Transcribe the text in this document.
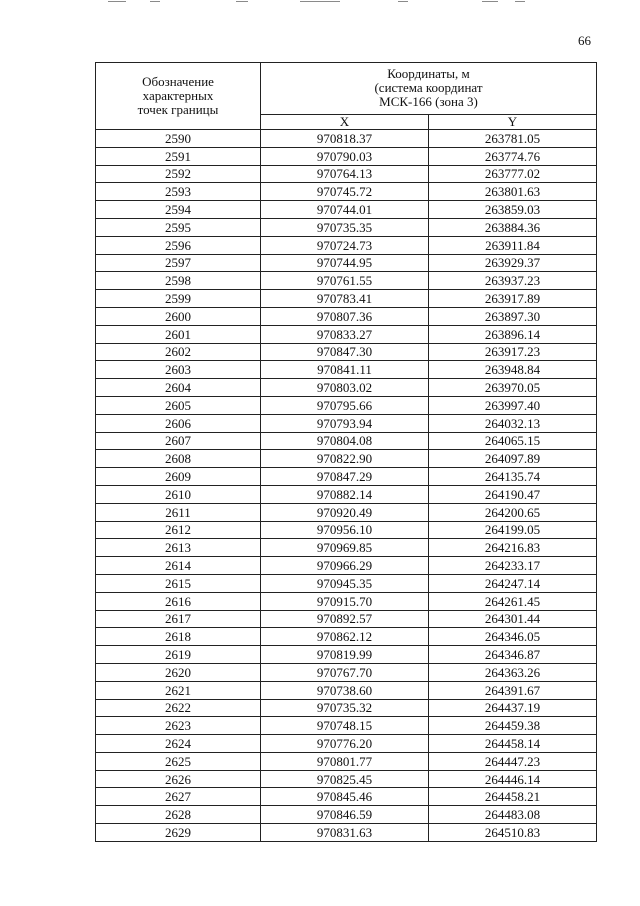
66
Обозначение
характерных
точек границы	Координаты, м
(система координат
МСК-166 (зона 3)	
	X	Y
2590	970818.37	263781.05
2591	970790.03	263774.76
2592	970764.13	263777.02
2593	970745.72	263801.63
2594	970744.01	263859.03
2595	970735.35	263884.36
2596	970724.73	263911.84
2597	970744.95	263929.37
2598	970761.55	263937.23
2599	970783.41	263917.89
2600	970807.36	263897.30
2601	970833.27	263896.14
2602	970847.30	263917.23
2603	970841.11	263948.84
2604	970803.02	263970.05
2605	970795.66	263997.40
2606	970793.94	264032.13
2607	970804.08	264065.15
2608	970822.90	264097.89
2609	970847.29	264135.74
2610	970882.14	264190.47
2611	970920.49	264200.65
2612	970956.10	264199.05
2613	970969.85	264216.83
2614	970966.29	264233.17
2615	970945.35	264247.14
2616	970915.70	264261.45
2617	970892.57	264301.44
2618	970862.12	264346.05
2619	970819.99	264346.87
2620	970767.70	264363.26
2621	970738.60	264391.67
2622	970735.32	264437.19
2623	970748.15	264459.38
2624	970776.20	264458.14
2625	970801.77	264447.23
2626	970825.45	264446.14
2627	970845.46	264458.21
2628	970846.59	264483.08
2629	970831.63	264510.83
